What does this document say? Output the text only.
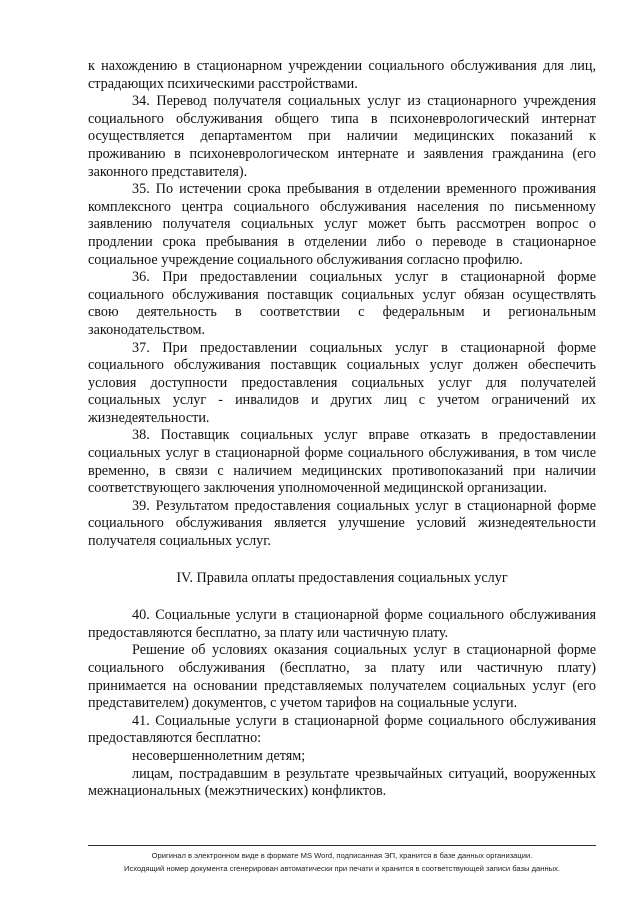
к нахождению в стационарном учреждении социального обслуживания для лиц, страдающих психическими расстройствами.

34. Перевод получателя социальных услуг из стационарного учреждения социального обслуживания общего типа в психоневрологический интернат осуществляется департаментом при наличии медицинских показаний к проживанию в психоневрологическом интернате и заявления гражданина (его законного представителя).

35. По истечении срока пребывания в отделении временного проживания комплексного центра социального обслуживания населения по письменному заявлению получателя социальных услуг может быть рассмотрен вопрос о продлении срока пребывания в отделении либо о переводе в стационарное социальное учреждение социального обслуживания согласно профилю.

36. При предоставлении социальных услуг в стационарной форме социального обслуживания поставщик социальных услуг обязан осуществлять свою деятельность в соответствии с федеральным и региональным законодательством.

37. При предоставлении социальных услуг в стационарной форме социального обслуживания поставщик социальных услуг должен обеспечить условия доступности предоставления социальных услуг для получателей социальных услуг - инвалидов и других лиц с учетом ограничений их жизнедеятельности.

38. Поставщик социальных услуг вправе отказать в предоставлении социальных услуг в стационарной форме социального обслуживания, в том числе временно, в связи с наличием медицинских противопоказаний при наличии соответствующего заключения уполномоченной медицинской организации.

39. Результатом предоставления социальных услуг в стационарной форме социального обслуживания является улучшение условий жизнедеятельности получателя социальных услуг.

IV. Правила оплаты предоставления социальных услуг

40. Социальные услуги в стационарной форме социального обслуживания предоставляются бесплатно, за плату или частичную плату.

Решение об условиях оказания социальных услуг в стационарной форме социального обслуживания (бесплатно, за плату или частичную плату) принимается на основании представляемых получателем социальных услуг (его представителем) документов, с учетом тарифов на социальные услуги.

41. Социальные услуги в стационарной форме социального обслуживания предоставляются бесплатно:

несовершеннолетним детям;

лицам, пострадавшим в результате чрезвычайных ситуаций, вооруженных межнациональных (межэтнических) конфликтов.

Оригинал в электронном виде в формате MS Word, подписанная ЭП, хранится в базе данных организации.
Исходящий номер документа сгенерирован автоматически при печати и хранится в соответствующей записи базы данных.
